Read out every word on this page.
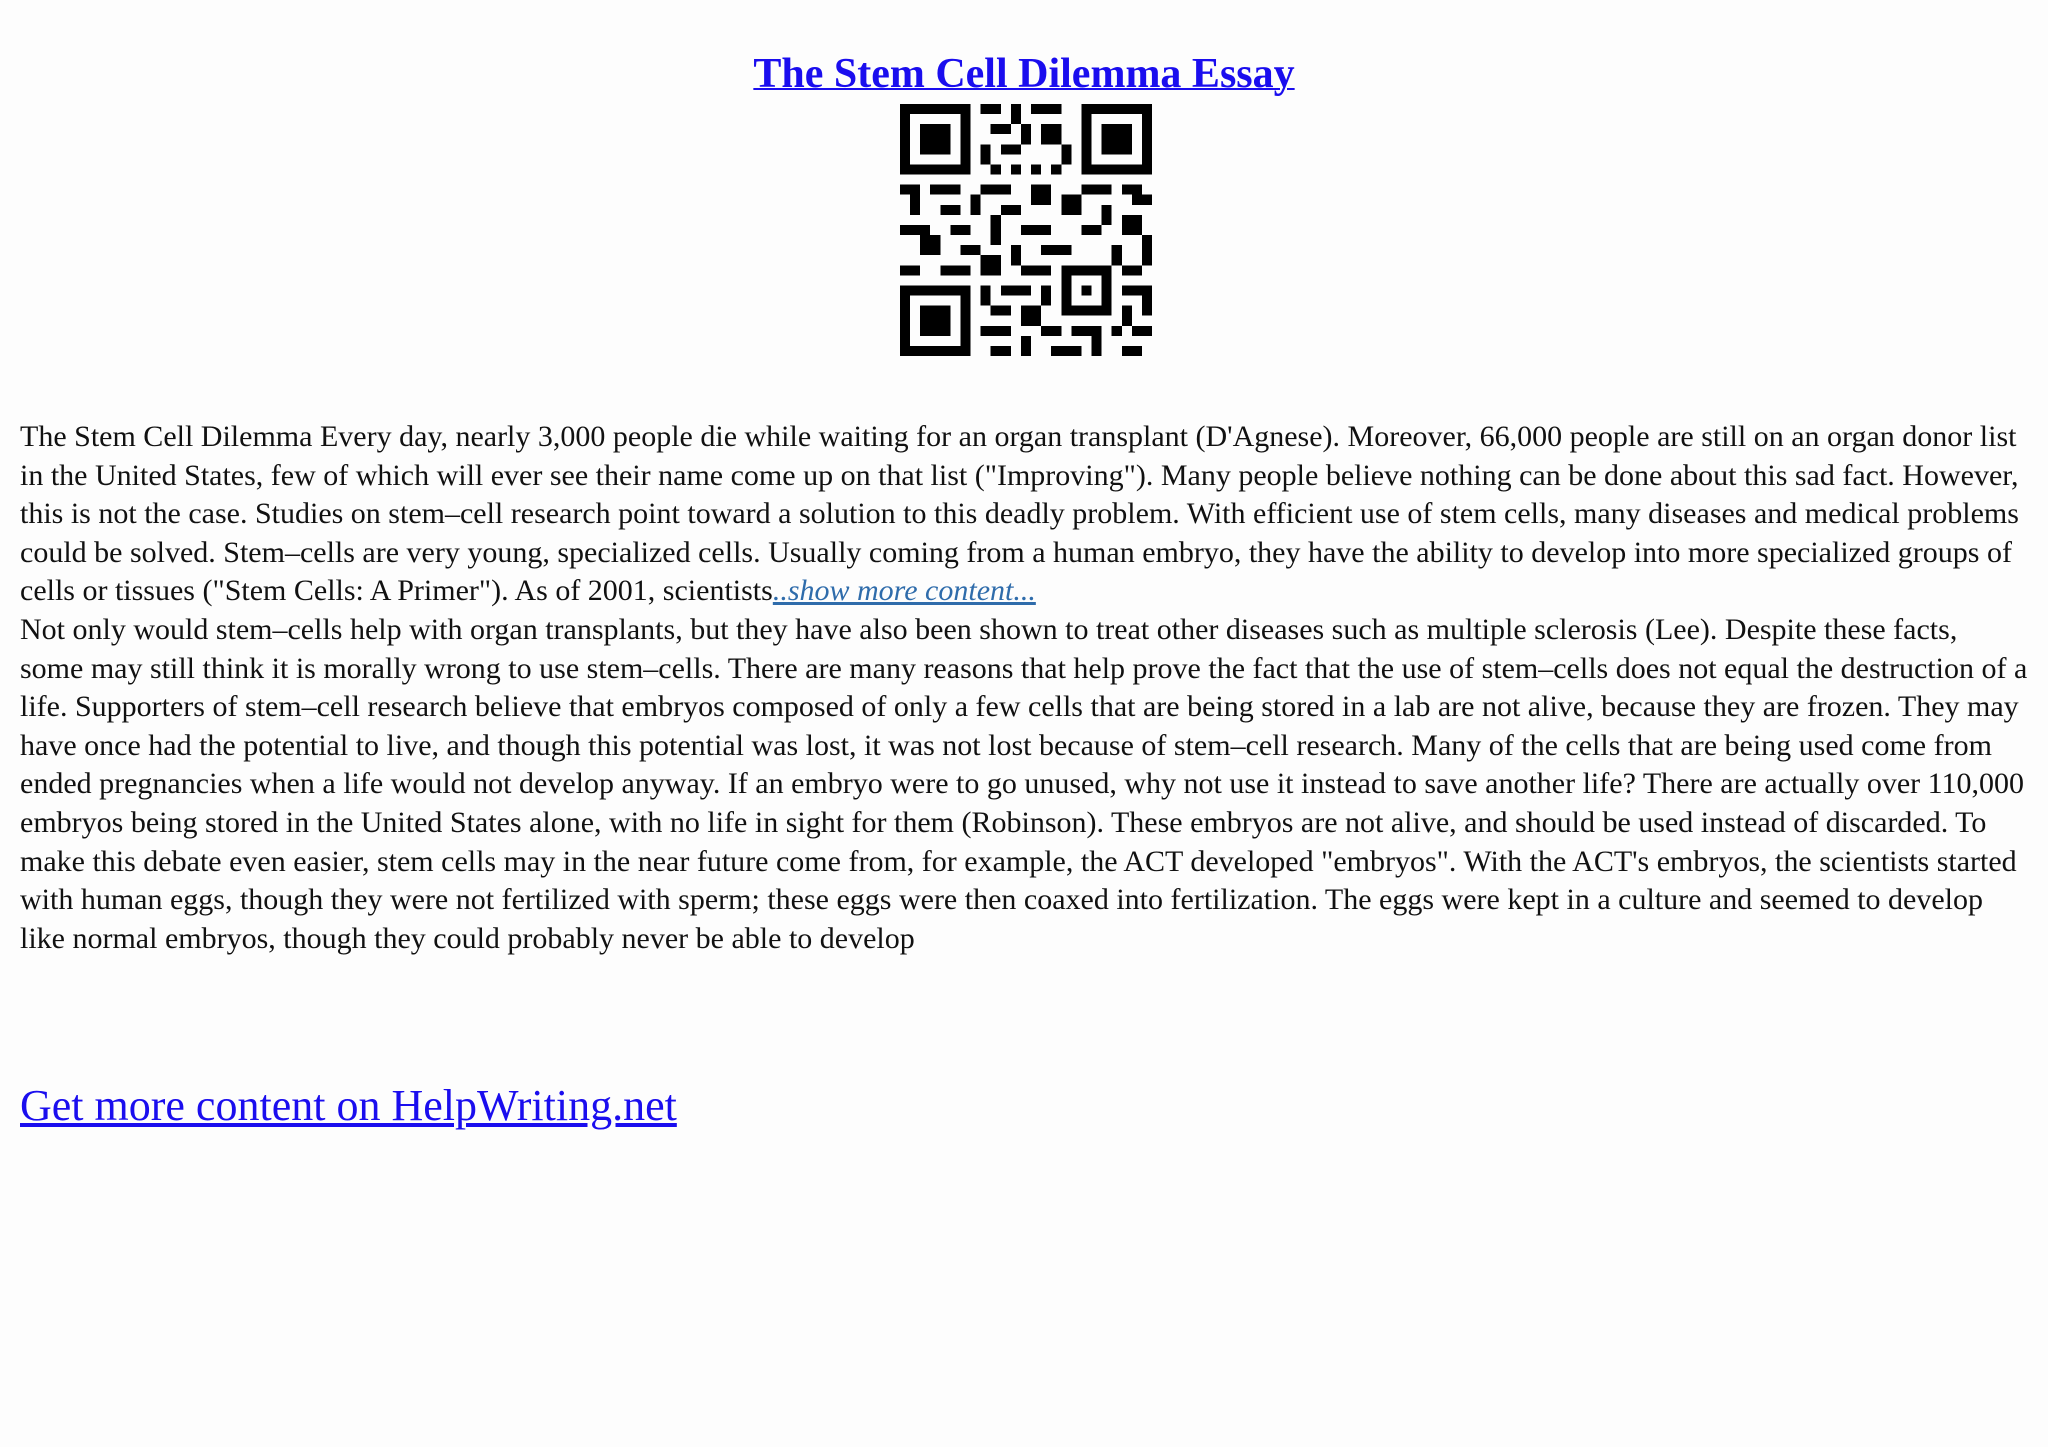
The Stem Cell Dilemma Essay

The Stem Cell Dilemma Every day, nearly 3,000 people die while waiting for an organ transplant (D'Agnese). Moreover, 66,000 people are still on an organ donor list in the United States, few of which will ever see their name come up on that list ("Improving"). Many people believe nothing can be done about this sad fact. However, this is not the case. Studies on stem–cell research point toward a solution to this deadly problem. With efficient use of stem cells, many diseases and medical problems could be solved. Stem–cells are very young, specialized cells. Usually coming from a human embryo, they have the ability to develop into more specialized groups of cells or tissues ("Stem Cells: A Primer"). As of 2001, scientists..show more content...

Not only would stem–cells help with organ transplants, but they have also been shown to treat other diseases such as multiple sclerosis (Lee). Despite these facts, some may still think it is morally wrong to use stem–cells. There are many reasons that help prove the fact that the use of stem–cells does not equal the destruction of a life. Supporters of stem–cell research believe that embryos composed of only a few cells that are being stored in a lab are not alive, because they are frozen. They may have once had the potential to live, and though this potential was lost, it was not lost because of stem–cell research. Many of the cells that are being used come from ended pregnancies when a life would not develop anyway. If an embryo were to go unused, why not use it instead to save another life? There are actually over 110,000 embryos being stored in the United States alone, with no life in sight for them (Robinson). These embryos are not alive, and should be used instead of discarded. To make this debate even easier, stem cells may in the near future come from, for example, the ACT developed "embryos". With the ACT's embryos, the scientists started with human eggs, though they were not fertilized with sperm; these eggs were then coaxed into fertilization. The eggs were kept in a culture and seemed to develop like normal embryos, though they could probably never be able to develop

Get more content on HelpWriting.net
